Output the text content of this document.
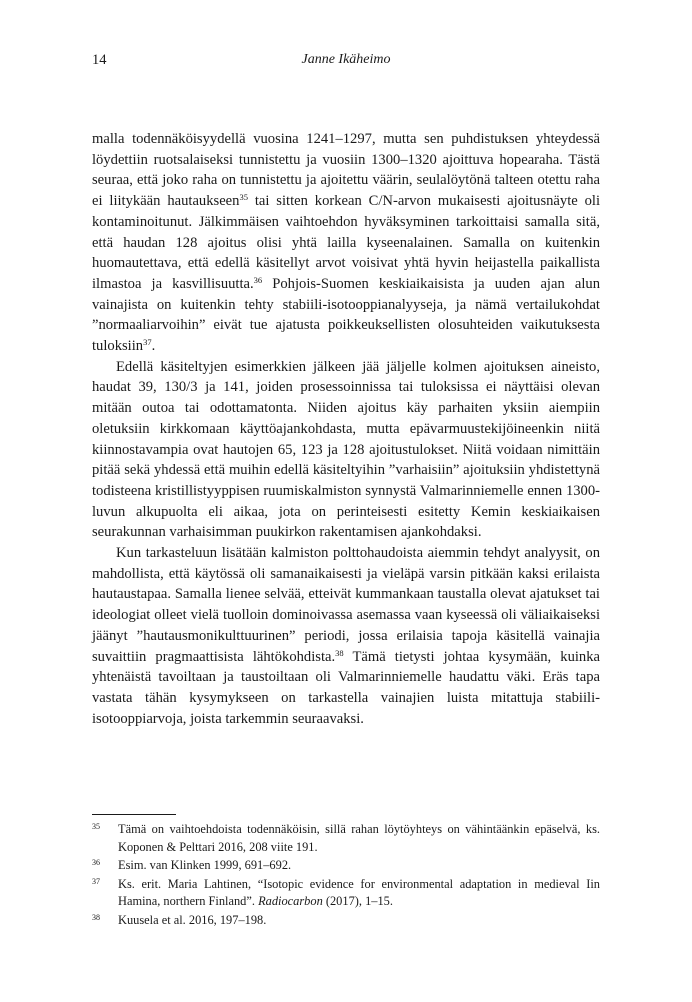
14	Janne Ikäheimo

malla todennäköisyydellä vuosina 1241–1297, mutta sen puhdistuksen yhteydessä löydettiin ruotsalaiseksi tunnistettu ja vuosiin 1300–1320 ajoittuva hopearaha. Tästä seuraa, että joko raha on tunnistettu ja ajoitettu väärin, seulalöytönä talteen otettu raha ei liitykään hautaukseen$^{35}$ tai sitten korkean C/N-arvon mukaisesti ajoitusnäyte oli kontaminoitunut. Jälkimmäisen vaihtoehdon hyväksyminen tarkoittaisi samalla sitä, että haudan 128 ajoitus olisi yhtä lailla kyseenalainen. Samalla on kuitenkin huomautettava, että edellä käsitellyt arvot voisivat yhtä hyvin heijastella paikallista ilmastoa ja kasvillisuutta.$^{36}$ Pohjois-Suomen keskiaikaisista ja uuden ajan alun vainajista on kuitenkin tehty stabiili-isotooppianalyyseja, ja nämä vertailukohdat ”normaaliarvoihin” eivät tue ajatusta poikkeuksellisten olosuhteiden vaikutuksesta tuloksiin$^{37}$.

Edellä käsiteltyjen esimerkkien jälkeen jää jäljelle kolmen ajoituksen aineisto, haudat 39, 130/3 ja 141, joiden prosessoinnissa tai tuloksissa ei näyttäisi olevan mitään outoa tai odottamatonta. Niiden ajoitus käy parhaiten yksiin aiempiin oletuksiin kirkkomaan käyttöajankohdasta, mutta epävarmuustekijöineenkin niitä kiinnostavampia ovat hautojen 65, 123 ja 128 ajoitustulokset. Niitä voidaan nimittäin pitää sekä yhdessä että muihin edellä käsiteltyihin ”varhaisiin” ajoituksiin yhdistettynä todisteena kristillistyyppisen ruumiskalmiston synnystä Valmarinniemelle ennen 1300-luvun alkupuolta eli aikaa, jota on perinteisesti esitetty Kemin keskiaikaisen seurakunnan varhaisimman puukirkon rakentamisen ajankohdaksi.

Kun tarkasteluun lisätään kalmiston polttohaudoista aiemmin tehdyt analyysit, on mahdollista, että käytössä oli samanaikaisesti ja vieläpä varsin pitkään kaksi erilaista hautaustapaa. Samalla lienee selvää, etteivät kummankaan taustalla olevat ajatukset tai ideologiat olleet vielä tuolloin dominoivassa asemassa vaan kyseessä oli väliaikaiseksi jäänyt ”hautausmonikulttuurinen” periodi, jossa erilaisia tapoja käsitellä vainajia suvaittiin pragmaattisista lähtökohdista.$^{38}$ Tämä tietysti johtaa kysymään, kuinka yhtenäistä tavoiltaan ja taustoiltaan oli Valmarinniemelle haudattu väki. Eräs tapa vastata tähän kysymykseen on tarkastella vainajien luista mitattuja stabiili-isotooppiarvoja, joista tarkemmin seuraavaksi.

35 Tämä on vaihtoehdoista todennäköisin, sillä rahan löytöyhteys on vähintäänkin epäselvä, ks. Koponen & Pelttari 2016, 208 viite 191.
36 Esim. van Klinken 1999, 691–692.
37 Ks. erit. Maria Lahtinen, “Isotopic evidence for environmental adaptation in medieval Iin Hamina, northern Finland”. Radiocarbon (2017), 1–15.
38 Kuusela et al. 2016, 197–198.
